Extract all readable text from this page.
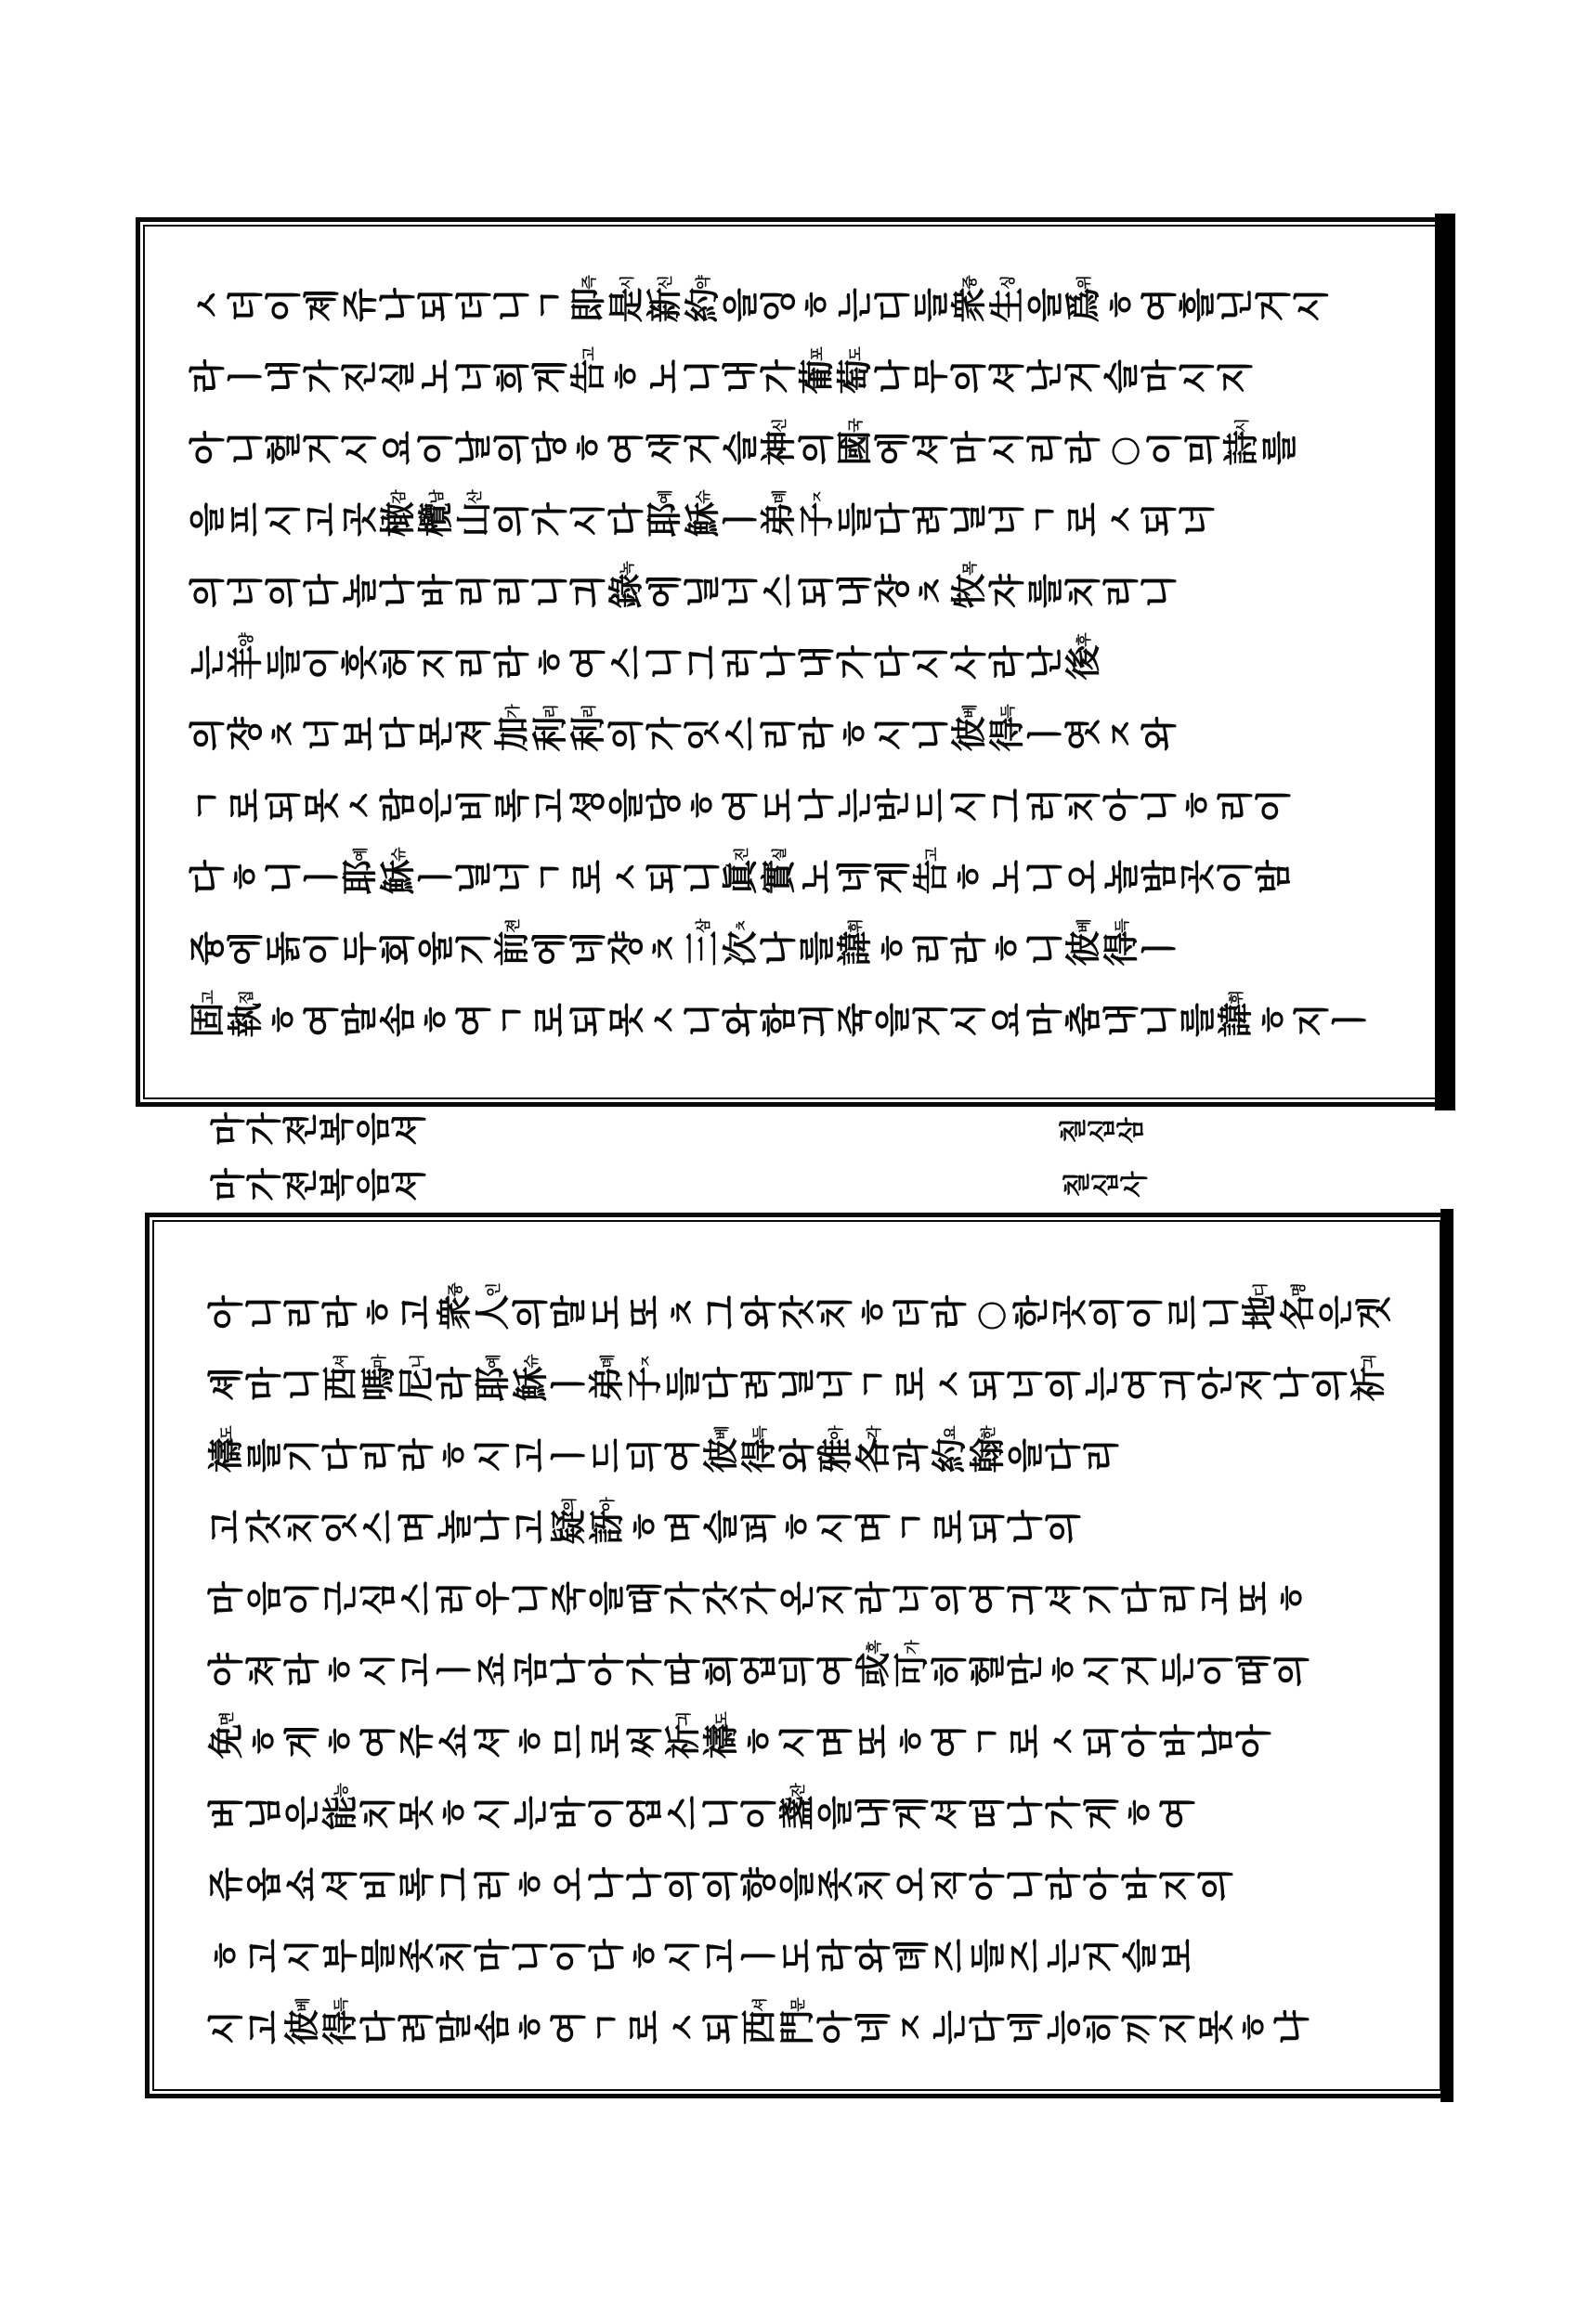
ㅅ더이졔쥬나되더니ㄱ即즉是시新신約약을잉ㅎ는디들衆즁生싱을爲위ㅎ여흘닌거시
라ㅣ내가진실노너희게告고ㅎ노니내가葡포萄도나무의셔난거슬마시지
아니헐거시요이날의당ㅎ여새거슬神신의國국에셔마시리라○이믜詩시를
을프시고곳橄감欖남山산의가시다耶예穌슈ㅣ弟뎨子ㅈ들다려닐너ㄱ로ㅅ되너
의너의다놀나바리리니긔錄녹에닐너스되내쟝ㅊ牧목쟈를치리니
는羊양들이흣허지리라ㅎ여스니그러나내가다시사라난後후
의쟝ㅊ너보다몬져加가利리利리의가잇스리라ㅎ시니彼베得득ㅣ엿ㅈ와
ㄱ로되못ㅅ람은비록고셩을당ㅎ여도나는반드시그러치아니ㅎ리이
다ㅎ니ㅣ耶예穌슈ㅣ닐너ㄱ로ㅅ되니眞진實실노네게告고ㅎ노니오놀밤곳이밤
즁에돍이두회울기前젼에네쟝ㅊ三삼次ㅊ나를諱휘ㅎ리라ㅎ니彼베得득ㅣ
固고執집ㅎ여말솜ㅎ여ㄱ로되못ㅅ니와함긔쥭을거시요마춤내니를諱휘ㅎ지ㅣ
마가젼복음셔	칠십삼
마가젼복음셔	칠십사
아니리라ㅎ고衆즁人인의말도또ㅊ그와갓치ㅎ더라○한곳의이르니地디名명은겟
셰마니西셔嗎마尼니라耶예穌슈ㅣ弟뎨子ㅈ들다려닐너ㄱ로ㅅ되너의는여긔안저나의祈긔
禱도를기다리라ㅎ시고ㅣ드듸여彼베得득와雅아各각과約요翰한을다리
고갓치잇스며놀나고疑의訝아ㅎ며슬퍼ㅎ시며ㄱ로되나의
마음이근심스러우니죽을때가갓가온지라너의여긔셔기다리고또ㅎ
야쳐라ㅎ시고ㅣ죠곰나아가따희업듸여或혹可가히헐만ㅎ시거든이때의
免면ㅎ게ㅎ여쥬쇼셔ㅎ므로써祈긔禱도ㅎ시며또ㅎ여ㄱ로ㅅ되아바남아
버님은能능치못ㅎ시는바이업스니이盞잔을내게셔떠나가게ㅎ여
쥬옵쇼셔비록그러ㅎ오나나의의향을좃치오직아니라아바지의
ㅎ고시부믈좃치마니이다ㅎ시고ㅣ도라와뎨즈들즈는거슬보
시고彼베得득다려말솜ㅎ여ㄱ로ㅅ되西셔門문아네ㅈ는다네능히끼지못ㅎ냐
